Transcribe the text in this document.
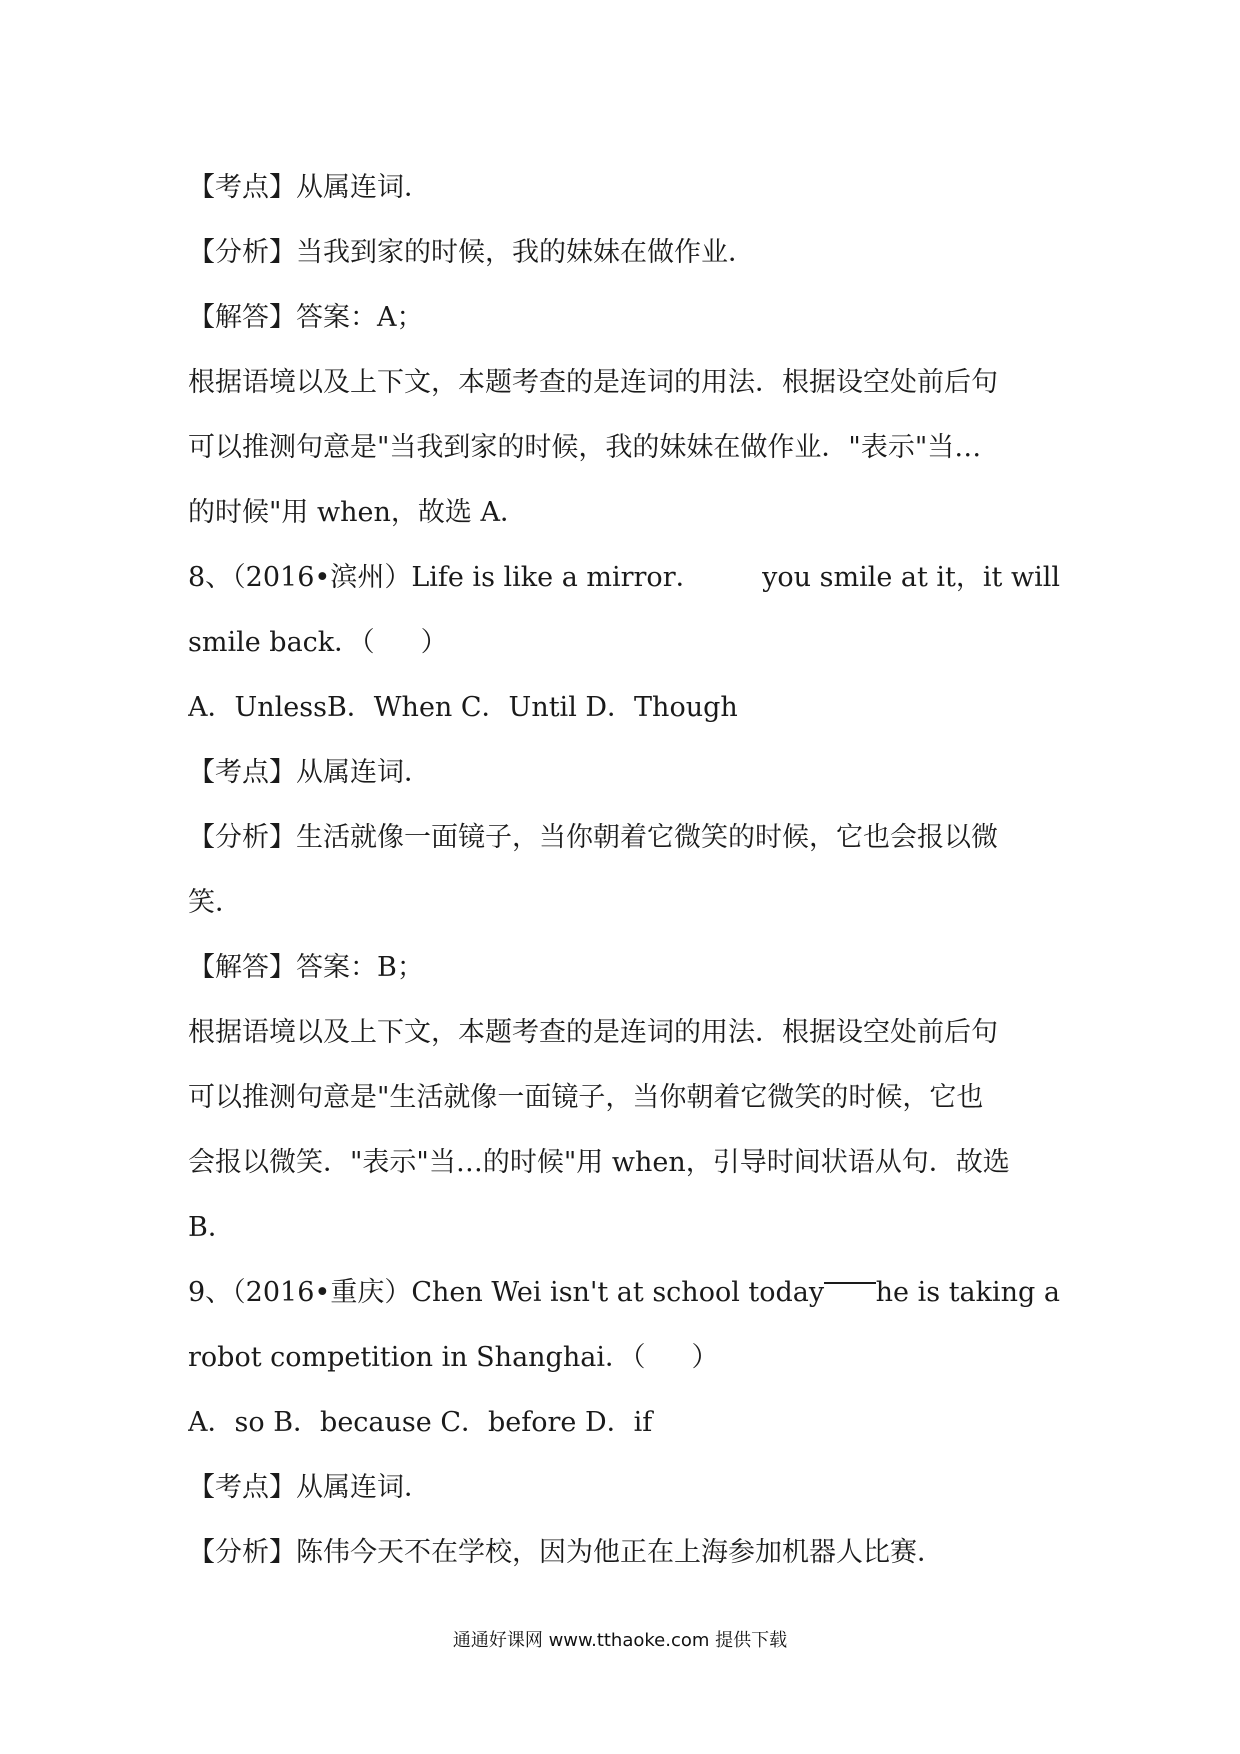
【考点】从属连词．
【分析】当我到家的时候，我的妹妹在做作业．
【解答】答案：A；
根据语境以及上下文，本题考查的是连词的用法．根据设空处前后句
可以推测句意是"当我到家的时候，我的妹妹在做作业．"表示"当…
的时候"用 when，故选 A．
8、（2016•滨州）Life is like a mirror． you smile at it，it will
smile back．（ ）
A．UnlessB．When C．Until D．Though
【考点】从属连词．
【分析】生活就像一面镜子，当你朝着它微笑的时候，它也会报以微
笑．
【解答】答案：B；
根据语境以及上下文，本题考查的是连词的用法．根据设空处前后句
可以推测句意是"生活就像一面镜子，当你朝着它微笑的时候，它也
会报以微笑．"表示"当…的时候"用 when，引导时间状语从句．故选
B．
9、（2016•重庆）Chen Wei isn't at school today he is taking a
robot competition in Shanghai．（ ）
A．so B．because C．before D．if
【考点】从属连词．
【分析】陈伟今天不在学校，因为他正在上海参加机器人比赛．
通通好课网 www.tthaoke.com 提供下载
